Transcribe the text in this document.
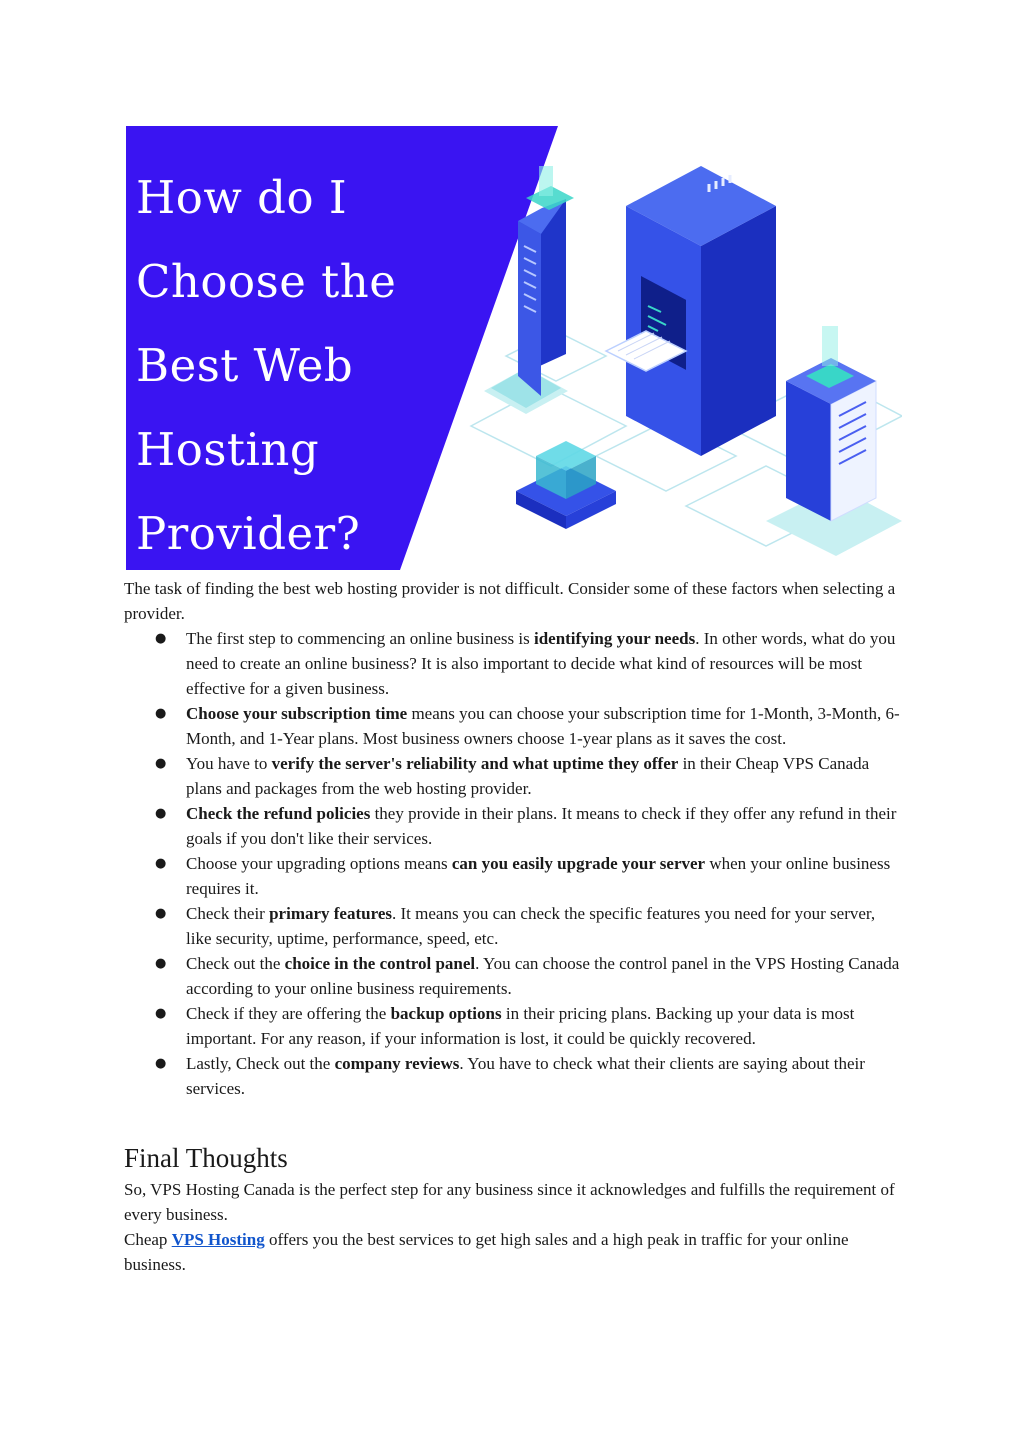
How do I
Choose the
Best Web
Hosting
Provider?

The task of finding the best web hosting provider is not difficult. Consider some of these factors when selecting a provider.

● The first step to commencing an online business is identifying your needs. In other words, what do you need to create an online business? It is also important to decide what kind of resources will be most effective for a given business.
● Choose your subscription time means you can choose your subscription time for 1-Month, 3-Month, 6-Month, and 1-Year plans. Most business owners choose 1-year plans as it saves the cost.
● You have to verify the server's reliability and what uptime they offer in their Cheap VPS Canada plans and packages from the web hosting provider.
● Check the refund policies they provide in their plans. It means to check if they offer any refund in their goals if you don't like their services.
● Choose your upgrading options means can you easily upgrade your server when your online business requires it.
● Check their primary features. It means you can check the specific features you need for your server, like security, uptime, performance, speed, etc.
● Check out the choice in the control panel. You can choose the control panel in the VPS Hosting Canada according to your online business requirements.
● Check if they are offering the backup options in their pricing plans. Backing up your data is most important. For any reason, if your information is lost, it could be quickly recovered.
● Lastly, Check out the company reviews. You have to check what their clients are saying about their services.
Final Thoughts

So, VPS Hosting Canada is the perfect step for any business since it acknowledges and fulfills the requirement of every business.

Cheap VPS Hosting offers you the best services to get high sales and a high peak in traffic for your online business.
